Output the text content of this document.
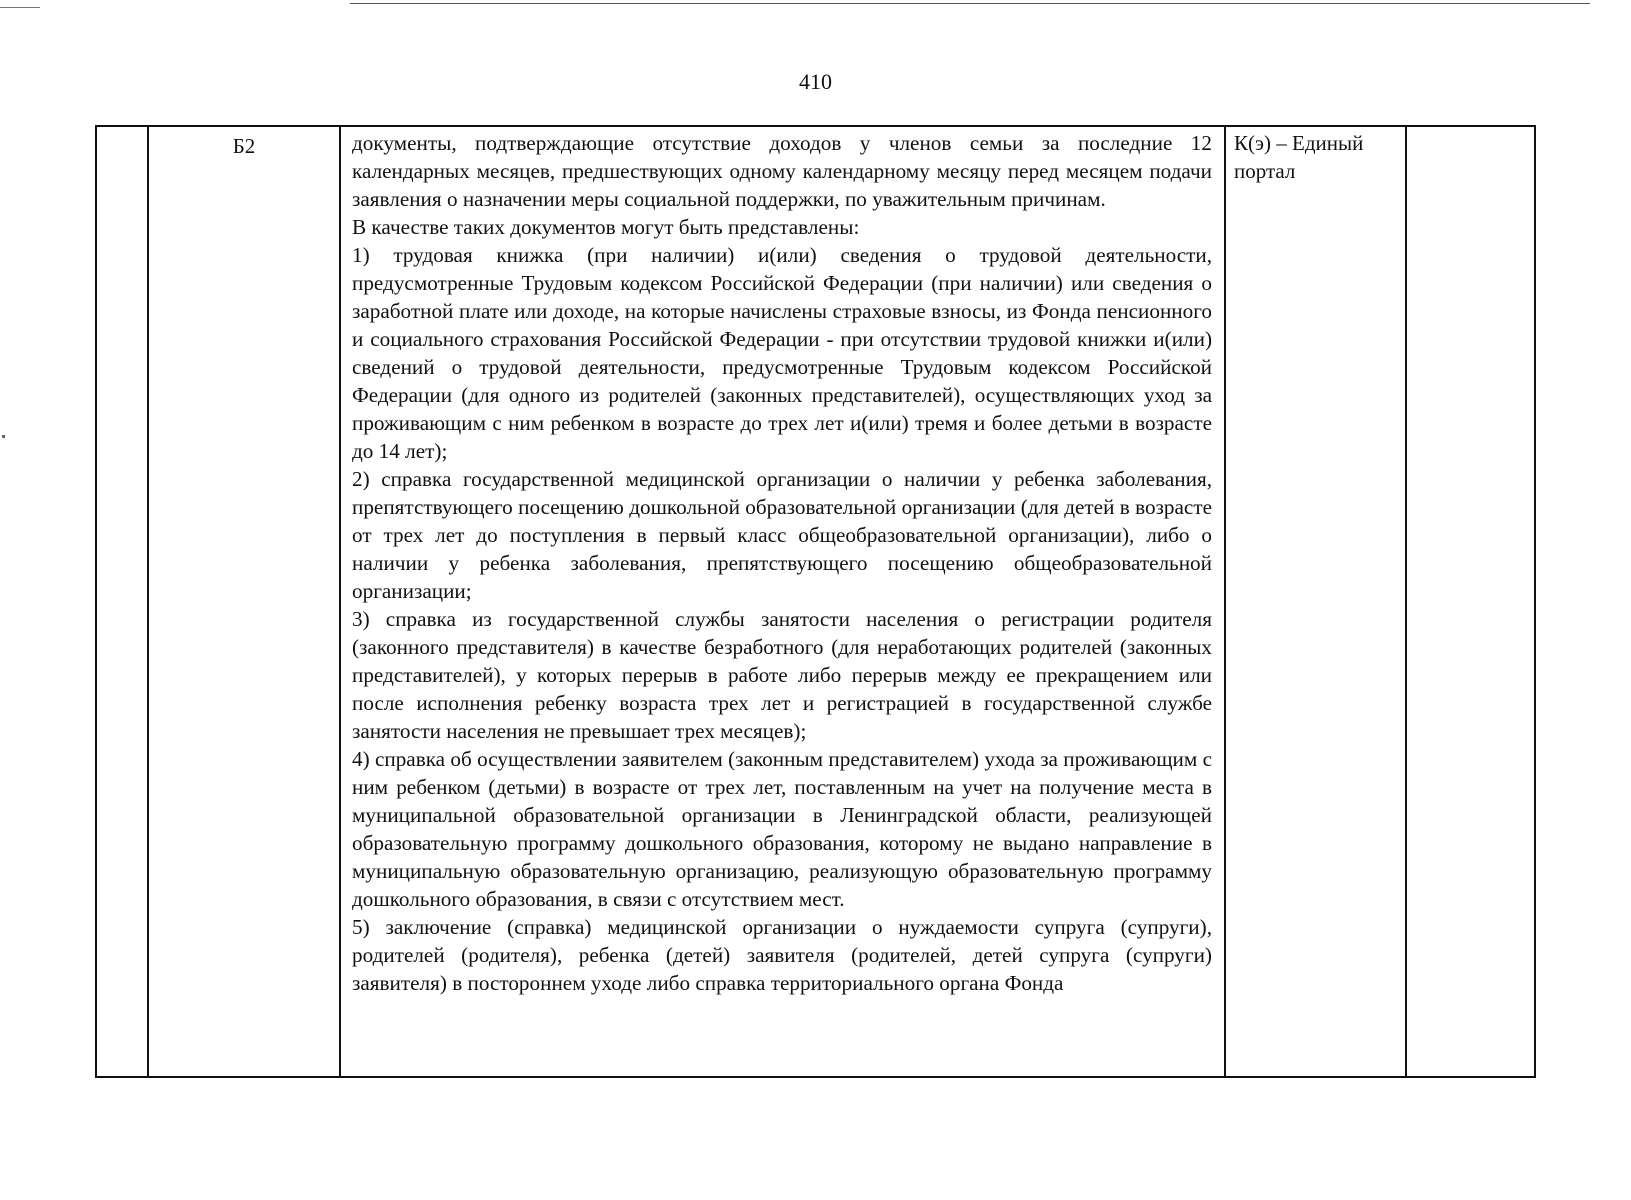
410
Б2	документы, подтверждающие отсутствие доходов у членов семьи за последние 12 календарных месяцев, предшествующих одному календарному месяцу перед месяцем подачи заявления о назначении меры социальной поддержки, по уважительным причинам.

В качестве таких документов могут быть представлены:

1) трудовая книжка (при наличии) и(или) сведения о трудовой деятельности, предусмотренные Трудовым кодексом Российской Федерации (при наличии) или сведения о заработной плате или доходе, на которые начислены страховые взносы, из Фонда пенсионного и социального страхования Российской Федерации - при отсутствии трудовой книжки и(или) сведений о трудовой деятельности, предусмотренные Трудовым кодексом Российской Федерации (для одного из родителей (законных представителей), осуществляющих уход за проживающим с ним ребенком в возрасте до трех лет и(или) тремя и более детьми в возрасте до 14 лет);

2) справка государственной медицинской организации о наличии у ребенка заболевания, препятствующего посещению дошкольной образовательной организации (для детей в возрасте от трех лет до поступления в первый класс общеобразовательной организации), либо о наличии у ребенка заболевания, препятствующего посещению общеобразовательной организации;

3) справка из государственной службы занятости населения о регистрации родителя (законного представителя) в качестве безработного (для неработающих родителей (законных представителей), у которых перерыв в работе либо перерыв между ее прекращением или после исполнения ребенку возраста трех лет и регистрацией в государственной службе занятости населения не превышает трех месяцев);

4) справка об осуществлении заявителем (законным представителем) ухода за проживающим с ним ребенком (детьми) в возрасте от трех лет, поставленным на учет на получение места в муниципальной образовательной организации в Ленинградской области, реализующей образовательную программу дошкольного образования, которому не выдано направление в муниципальную образовательную организацию, реализующую образовательную программу дошкольного образования, в связи с отсутствием мест.

5) заключение (справка) медицинской организации о нуждаемости супруга (супруги), родителей (родителя), ребенка (детей) заявителя (родителей, детей супруга (супруги) заявителя) в постороннем уходе либо справка территориального органа Фонда

К(э) – Единый портал
